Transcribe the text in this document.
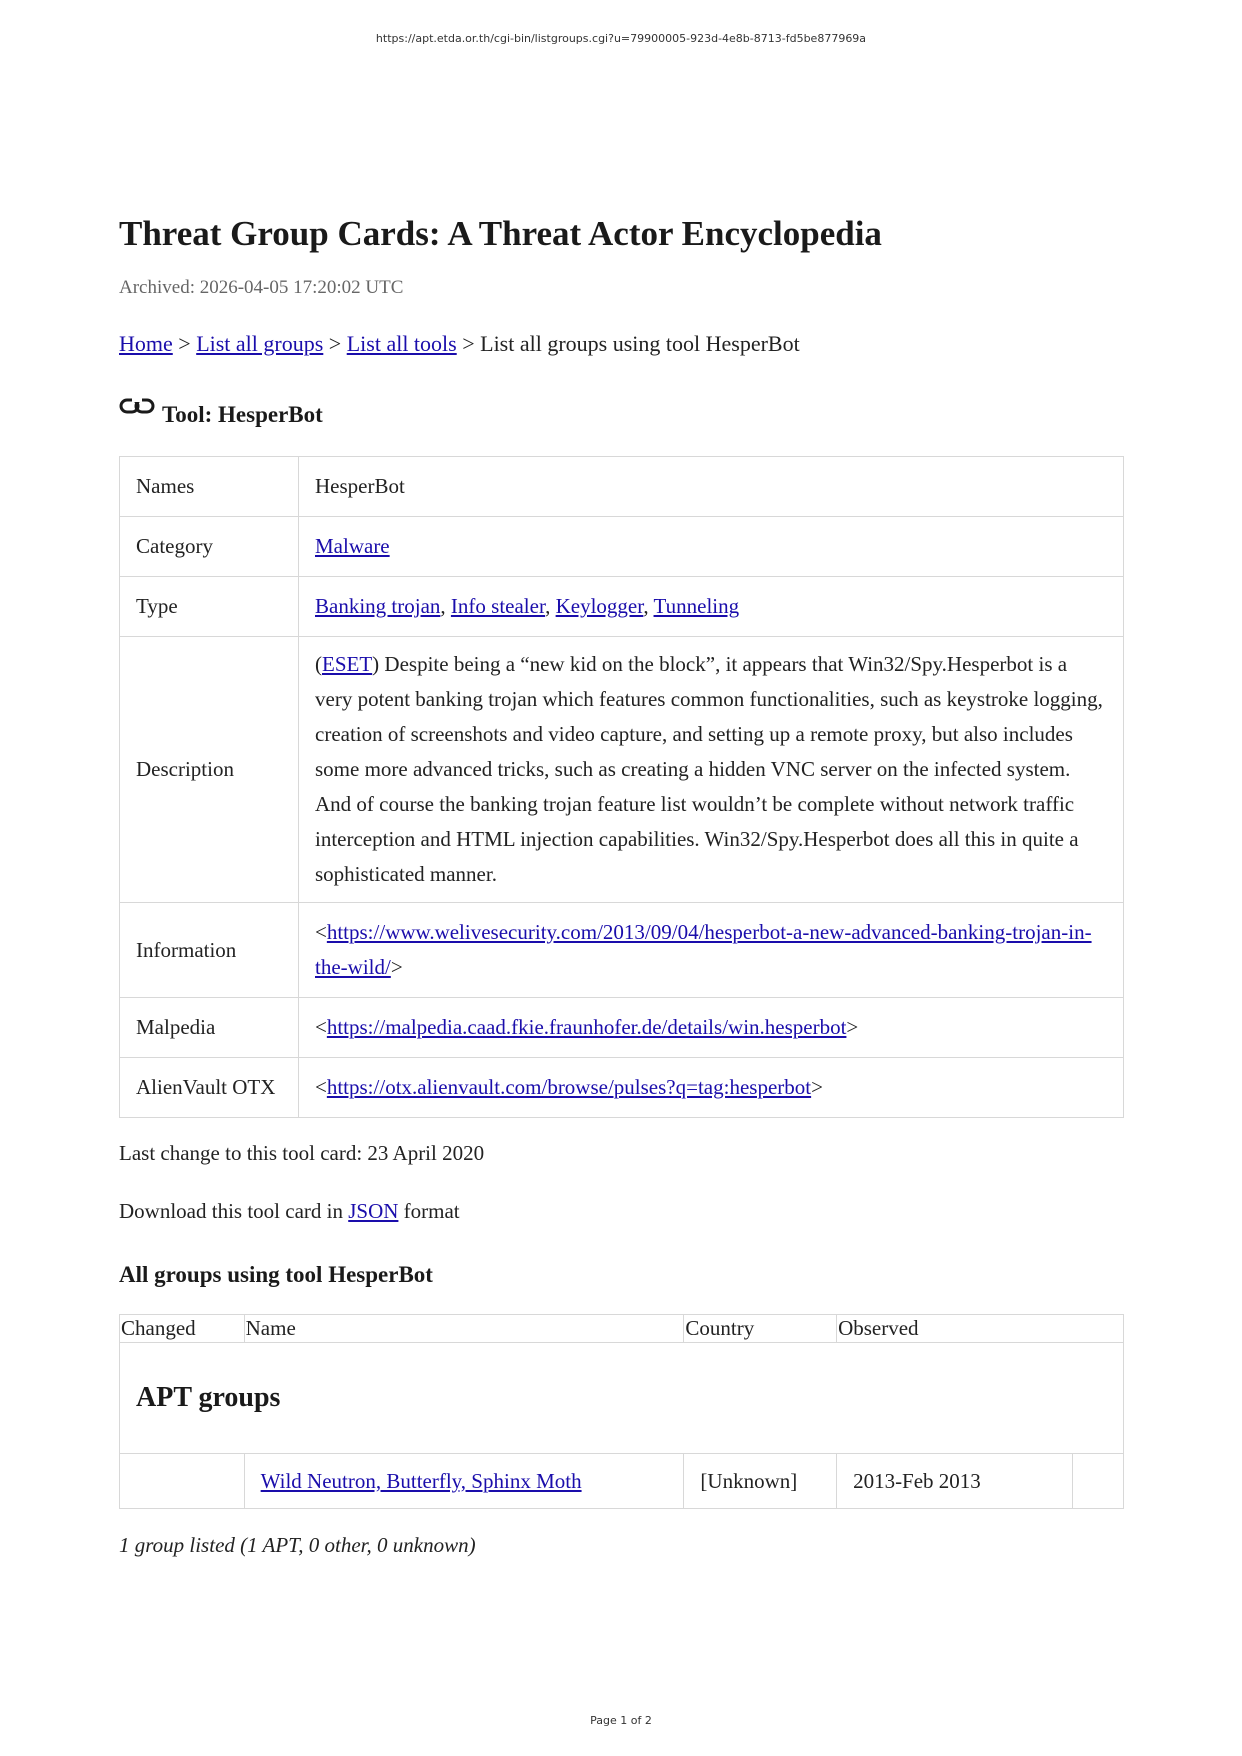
https://apt.etda.or.th/cgi-bin/listgroups.cgi?u=79900005-923d-4e8b-8713-fd5be877969a
Threat Group Cards: A Threat Actor Encyclopedia
Archived: 2026-04-05 17:20:02 UTC
Home > List all groups > List all tools > List all groups using tool HesperBot
Tool: HesperBot
Names	HesperBot
Category	Malware
Type	Banking trojan, Info stealer, Keylogger, Tunneling
Description	(ESET) Despite being a “new kid on the block”, it appears that Win32/Spy.Hesperbot is a very potent banking trojan which features common functionalities, such as keystroke logging, creation of screenshots and video capture, and setting up a remote proxy, but also includes some more advanced tricks, such as creating a hidden VNC server on the infected system. And of course the banking trojan feature list wouldn’t be complete without network traffic interception and HTML injection capabilities. Win32/Spy.Hesperbot does all this in quite a sophisticated manner.
Information	<https://www.welivesecurity.com/2013/09/04/hesperbot-a-new-advanced-banking-trojan-in-the-wild/>
Malpedia	<https://malpedia.caad.fkie.fraunhofer.de/details/win.hesperbot>
AlienVault OTX	<https://otx.alienvault.com/browse/pulses?q=tag:hesperbot>
Last change to this tool card: 23 April 2020
Download this tool card in JSON format
All groups using tool HesperBot
Changed	Name	Country	Observed	
APT groups				
	Wild Neutron, Butterfly, Sphinx Moth	[Unknown]	2013-Feb 2013	
1 group listed (1 APT, 0 other, 0 unknown)
Page 1 of 2
